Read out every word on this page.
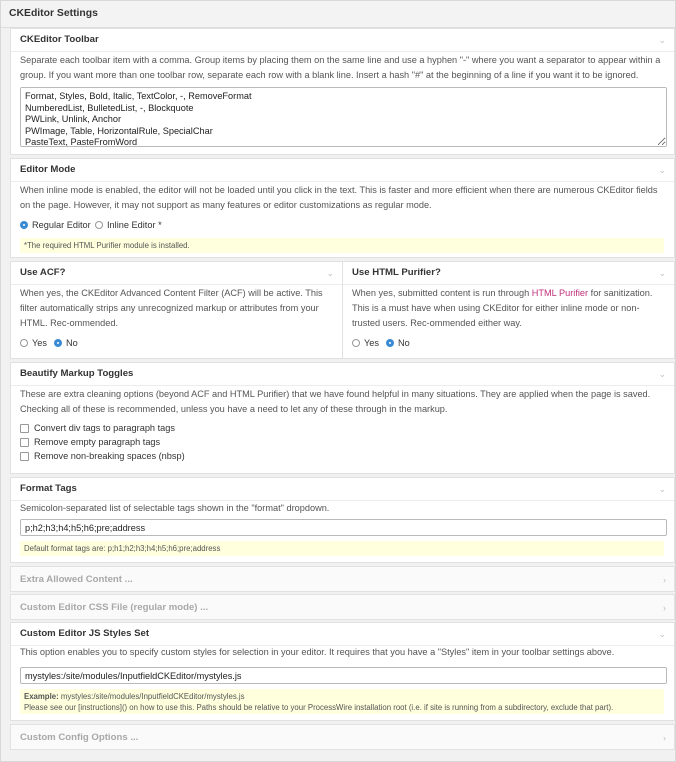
CKEditor Settings
CKEditor Toolbar	⌄
Separate each toolbar item with a comma. Group items by placing them on the same line and use a hyphen "-" where you want a separator to appear within a group. If you want more than one toolbar row, separate each row with a blank line. Insert a hash "#" at the beginning of a line if you want it to be ignored.
Format, Styles, Bold, Italic, TextColor, -, RemoveFormat NumberedList, BulletedList, -, Blockquote PWLink, Unlink, Anchor PWImage, Table, HorizontalRule, SpecialChar PasteText, PasteFromWord
Editor Mode	⌄
When inline mode is enabled, the editor will not be loaded until you click in the text. This is faster and more efficient when there are numerous CKEditor fields on the page. However, it may not support as many features or editor customizations as regular mode.
Regular Editor Inline Editor *
*The required HTML Purifier module is installed.
Use ACF?	⌄
When yes, the CKEditor Advanced Content Filter (ACF) will be active. This filter automatically strips any unrecognized markup or attributes from your HTML. Rec-ommended.
Yes No
Use HTML Purifier?	⌄
When yes, submitted content is run through HTML Purifier for sanitization. This is a must have when using CKEditor for either inline mode or non-trusted users. Rec-ommended either way.
Yes No
Beautify Markup Toggles	⌄
These are extra cleaning options (beyond ACF and HTML Purifier) that we have found helpful in many situations. They are applied when the page is saved. Checking all of these is recommended, unless you have a need to let any of these through in the markup.
Convert div tags to paragraph tags
Remove empty paragraph tags
Remove non-breaking spaces (nbsp)
Format Tags	⌄
Semicolon-separated list of selectable tags shown in the "format" dropdown.
p;h2;h3;h4;h5;h6;pre;address
Default format tags are: p;h1;h2;h3;h4;h5;h6;pre;address
Extra Allowed Content ...	›
Custom Editor CSS File (regular mode) ...	›
Custom Editor JS Styles Set	⌄
This option enables you to specify custom styles for selection in your editor. It requires that you have a "Styles" item in your toolbar settings above.
mystyles:/site/modules/InputfieldCKEditor/mystyles.js
Example: mystyles:/site/modules/InputfieldCKEditor/mystyles.js
Please see our [instructions]() on how to use this. Paths should be relative to your ProcessWire installation root (i.e. if site is running from a subdirectory, exclude that part).
Custom Config Options ...	›
